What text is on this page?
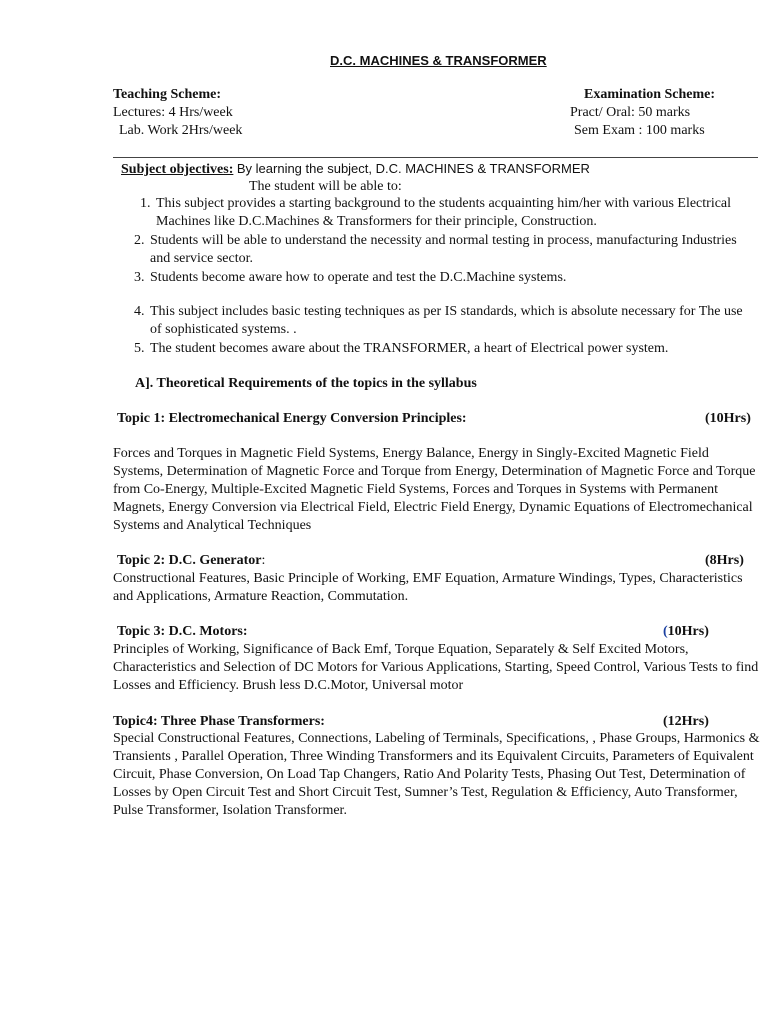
D.C. MACHINES & TRANSFORMER
Teaching Scheme:
Lectures: 4 Hrs/week
Lab. Work 2Hrs/week
Examination Scheme:
Pract/ Oral: 50 marks
Sem Exam : 100 marks
Subject objectives: By learning the subject, D.C. MACHINES & TRANSFORMER
The student will be able to:
1. This subject provides a starting background to the students acquainting him/her with various Electrical Machines like D.C.Machines & Transformers for their principle, Construction.
2. Students will be able to understand the necessity and normal testing in process, manufacturing Industries and service sector.
3. Students become aware how to operate and test the D.C.Machine systems.
4. This subject includes basic testing techniques as per IS standards, which is absolute necessary for The use of sophisticated systems. .
5. The student becomes aware about the TRANSFORMER, a heart of Electrical power system.
A]. Theoretical Requirements of the topics in the syllabus
Topic 1: Electromechanical Energy Conversion Principles:	(10Hrs)
Forces and Torques in Magnetic Field Systems, Energy Balance, Energy in Singly-Excited Magnetic Field Systems, Determination of Magnetic Force and Torque from Energy, Determination of Magnetic Force and Torque from Co-Energy, Multiple-Excited Magnetic Field Systems, Forces and Torques in Systems with Permanent Magnets, Energy Conversion via Electrical Field, Electric Field Energy, Dynamic Equations of Electromechanical Systems and Analytical Techniques
Topic 2: D.C. Generator:	(8Hrs)
Constructional Features, Basic Principle of Working, EMF Equation, Armature Windings, Types, Characteristics and Applications, Armature Reaction, Commutation.
Topic 3: D.C. Motors:	(10Hrs)
Principles of Working, Significance of Back Emf, Torque Equation, Separately & Self Excited Motors, Characteristics and Selection of DC Motors for Various Applications, Starting, Speed Control, Various Tests to find Losses and Efficiency. Brush less D.C.Motor, Universal motor
Topic4: Three Phase Transformers:	(12Hrs)
Special Constructional Features, Connections, Labeling of Terminals, Specifications, , Phase Groups, Harmonics & Transients , Parallel Operation, Three Winding Transformers and its Equivalent Circuits, Parameters of Equivalent Circuit, Phase Conversion, On Load Tap Changers, Ratio And Polarity Tests, Phasing Out Test, Determination of Losses by Open Circuit Test and Short Circuit Test, Sumner’s Test, Regulation & Efficiency, Auto Transformer, Pulse Transformer, Isolation Transformer.
